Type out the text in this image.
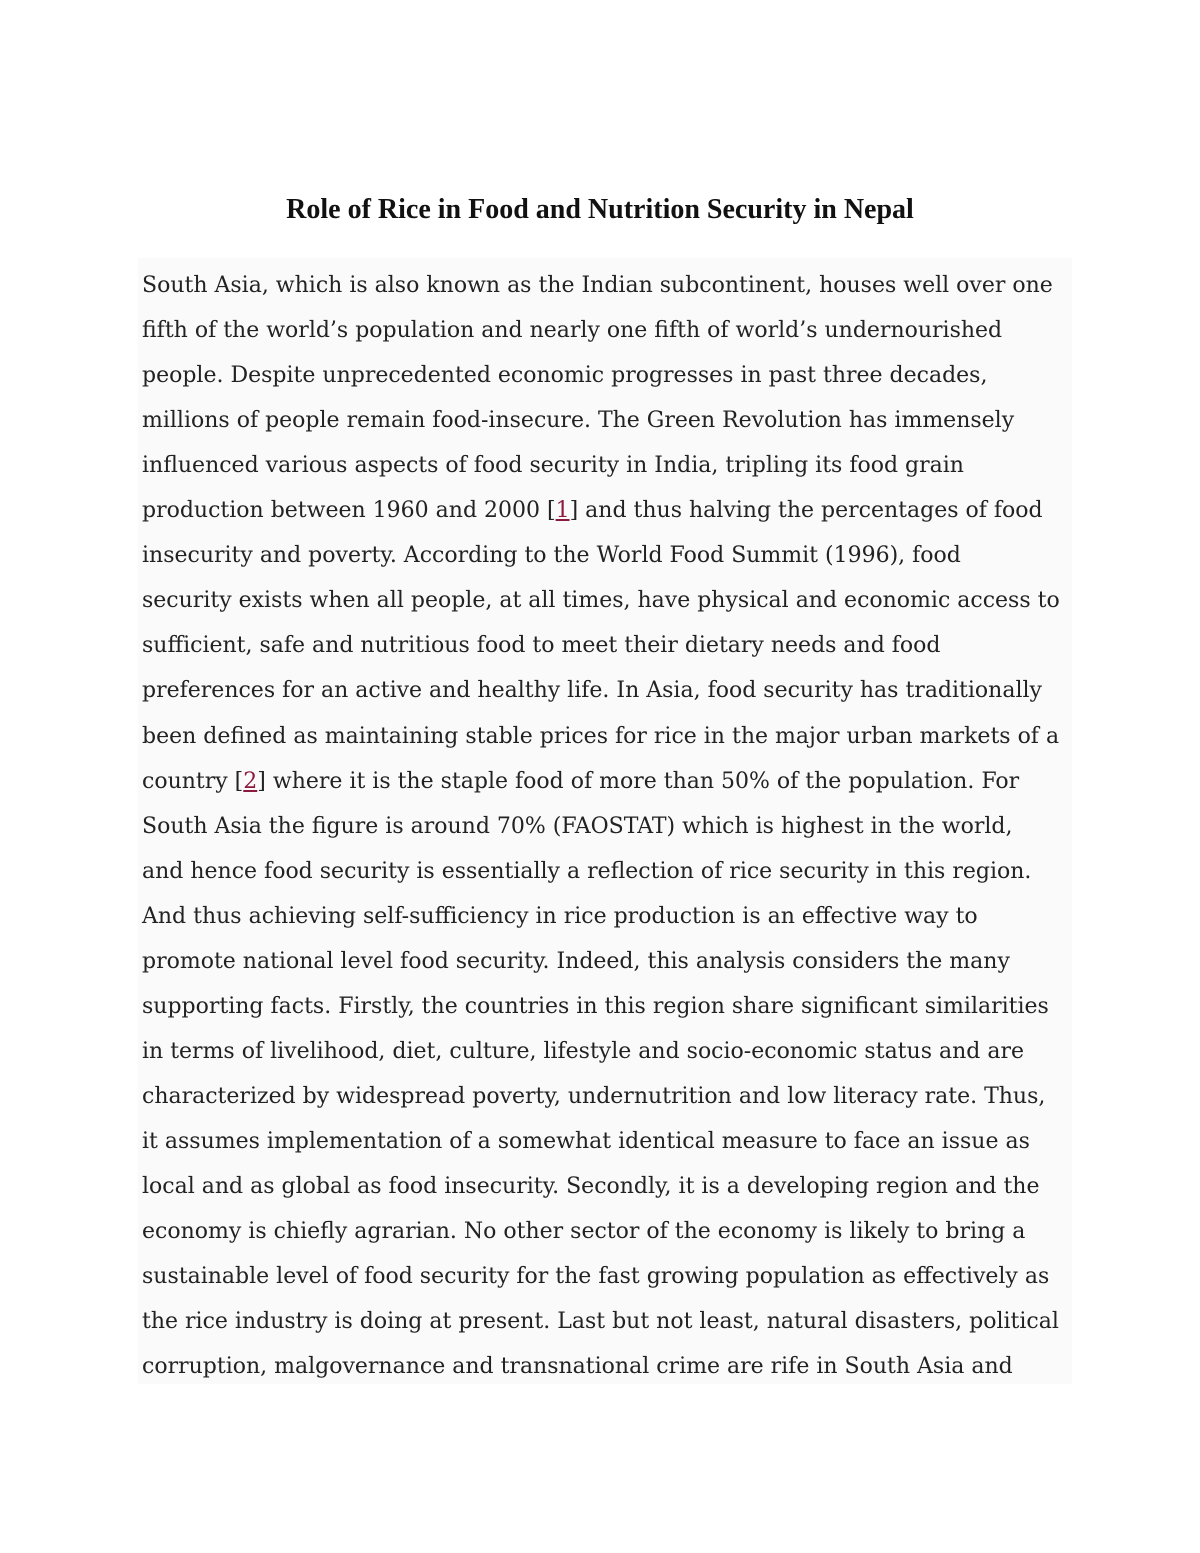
Role of Rice in Food and Nutrition Security in Nepal
South Asia, which is also known as the Indian subcontinent, houses well over one
fifth of the world’s population and nearly one fifth of world’s undernourished
people. Despite unprecedented economic progresses in past three decades,
millions of people remain food-insecure. The Green Revolution has immensely
influenced various aspects of food security in India, tripling its food grain
production between 1960 and 2000 [1] and thus halving the percentages of food
insecurity and poverty. According to the World Food Summit (1996), food
security exists when all people, at all times, have physical and economic access to
sufficient, safe and nutritious food to meet their dietary needs and food
preferences for an active and healthy life. In Asia, food security has traditionally
been defined as maintaining stable prices for rice in the major urban markets of a
country [2] where it is the staple food of more than 50% of the population. For
South Asia the figure is around 70% (FAOSTAT) which is highest in the world,
and hence food security is essentially a reflection of rice security in this region.
And thus achieving self-sufficiency in rice production is an effective way to
promote national level food security. Indeed, this analysis considers the many
supporting facts. Firstly, the countries in this region share significant similarities
in terms of livelihood, diet, culture, lifestyle and socio-economic status and are
characterized by widespread poverty, undernutrition and low literacy rate. Thus,
it assumes implementation of a somewhat identical measure to face an issue as
local and as global as food insecurity. Secondly, it is a developing region and the
economy is chiefly agrarian. No other sector of the economy is likely to bring a
sustainable level of food security for the fast growing population as effectively as
the rice industry is doing at present. Last but not least, natural disasters, political
corruption, malgovernance and transnational crime are rife in South Asia and
